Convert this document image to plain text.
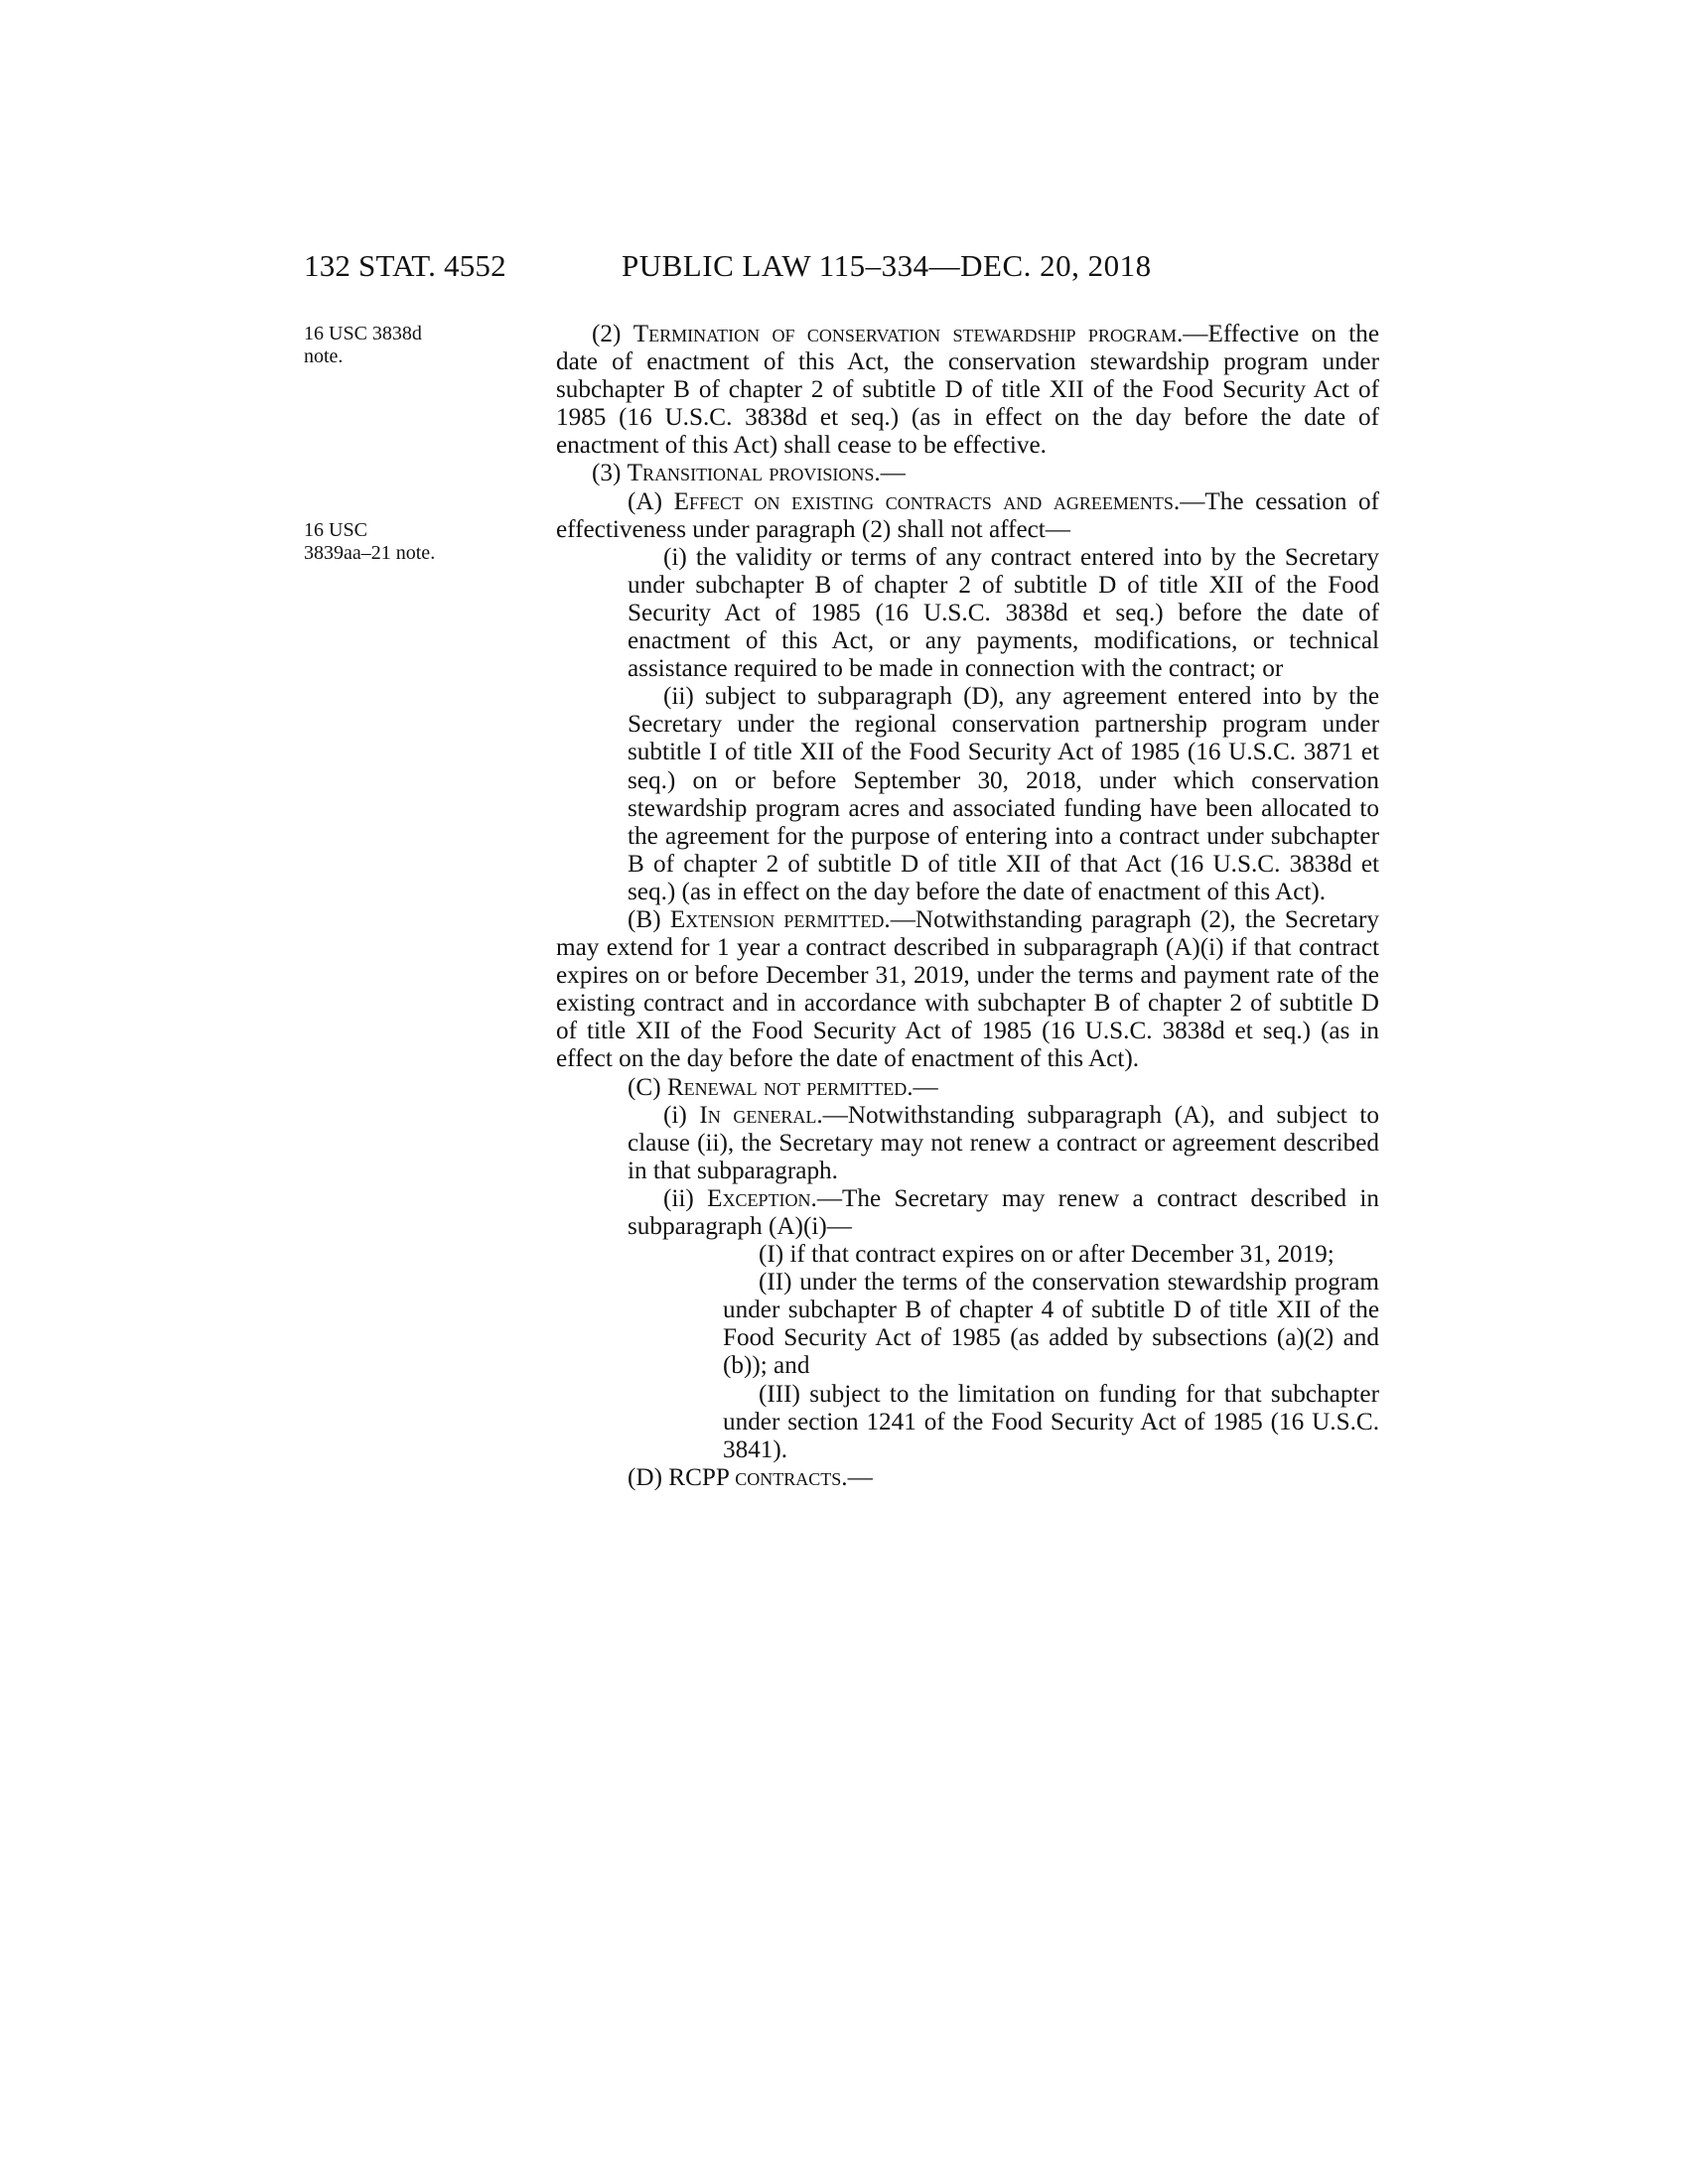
132 STAT. 4552	PUBLIC LAW 115–334—DEC. 20, 2018
16 USC 3838d
note.
16 USC
3839aa–21 note.

(2) Termination of conservation stewardship program.—Effective on the date of enactment of this Act, the conservation stewardship program under subchapter B of chapter 2 of subtitle D of title XII of the Food Security Act of 1985 (16 U.S.C. 3838d et seq.) (as in effect on the day before the date of enactment of this Act) shall cease to be effective.

(3) Transitional provisions.—

(A) Effect on existing contracts and agreements.—The cessation of effectiveness under paragraph (2) shall not affect—

(i) the validity or terms of any contract entered into by the Secretary under subchapter B of chapter 2 of subtitle D of title XII of the Food Security Act of 1985 (16 U.S.C. 3838d et seq.) before the date of enactment of this Act, or any payments, modifications, or technical assistance required to be made in connection with the contract; or

(ii) subject to subparagraph (D), any agreement entered into by the Secretary under the regional conservation partnership program under subtitle I of title XII of the Food Security Act of 1985 (16 U.S.C. 3871 et seq.) on or before September 30, 2018, under which conservation stewardship program acres and associated funding have been allocated to the agreement for the purpose of entering into a contract under subchapter B of chapter 2 of subtitle D of title XII of that Act (16 U.S.C. 3838d et seq.) (as in effect on the day before the date of enactment of this Act).

(B) Extension permitted.—Notwithstanding paragraph (2), the Secretary may extend for 1 year a contract described in subparagraph (A)(i) if that contract expires on or before December 31, 2019, under the terms and payment rate of the existing contract and in accordance with subchapter B of chapter 2 of subtitle D of title XII of the Food Security Act of 1985 (16 U.S.C. 3838d et seq.) (as in effect on the day before the date of enactment of this Act).

(C) Renewal not permitted.—

(i) In general.—Notwithstanding subparagraph (A), and subject to clause (ii), the Secretary may not renew a contract or agreement described in that subparagraph.

(ii) Exception.—The Secretary may renew a contract described in subparagraph (A)(i)—

(I) if that contract expires on or after December 31, 2019;

(II) under the terms of the conservation stewardship program under subchapter B of chapter 4 of subtitle D of title XII of the Food Security Act of 1985 (as added by subsections (a)(2) and (b)); and

(III) subject to the limitation on funding for that subchapter under section 1241 of the Food Security Act of 1985 (16 U.S.C. 3841).

(D) RCPP contracts.—
